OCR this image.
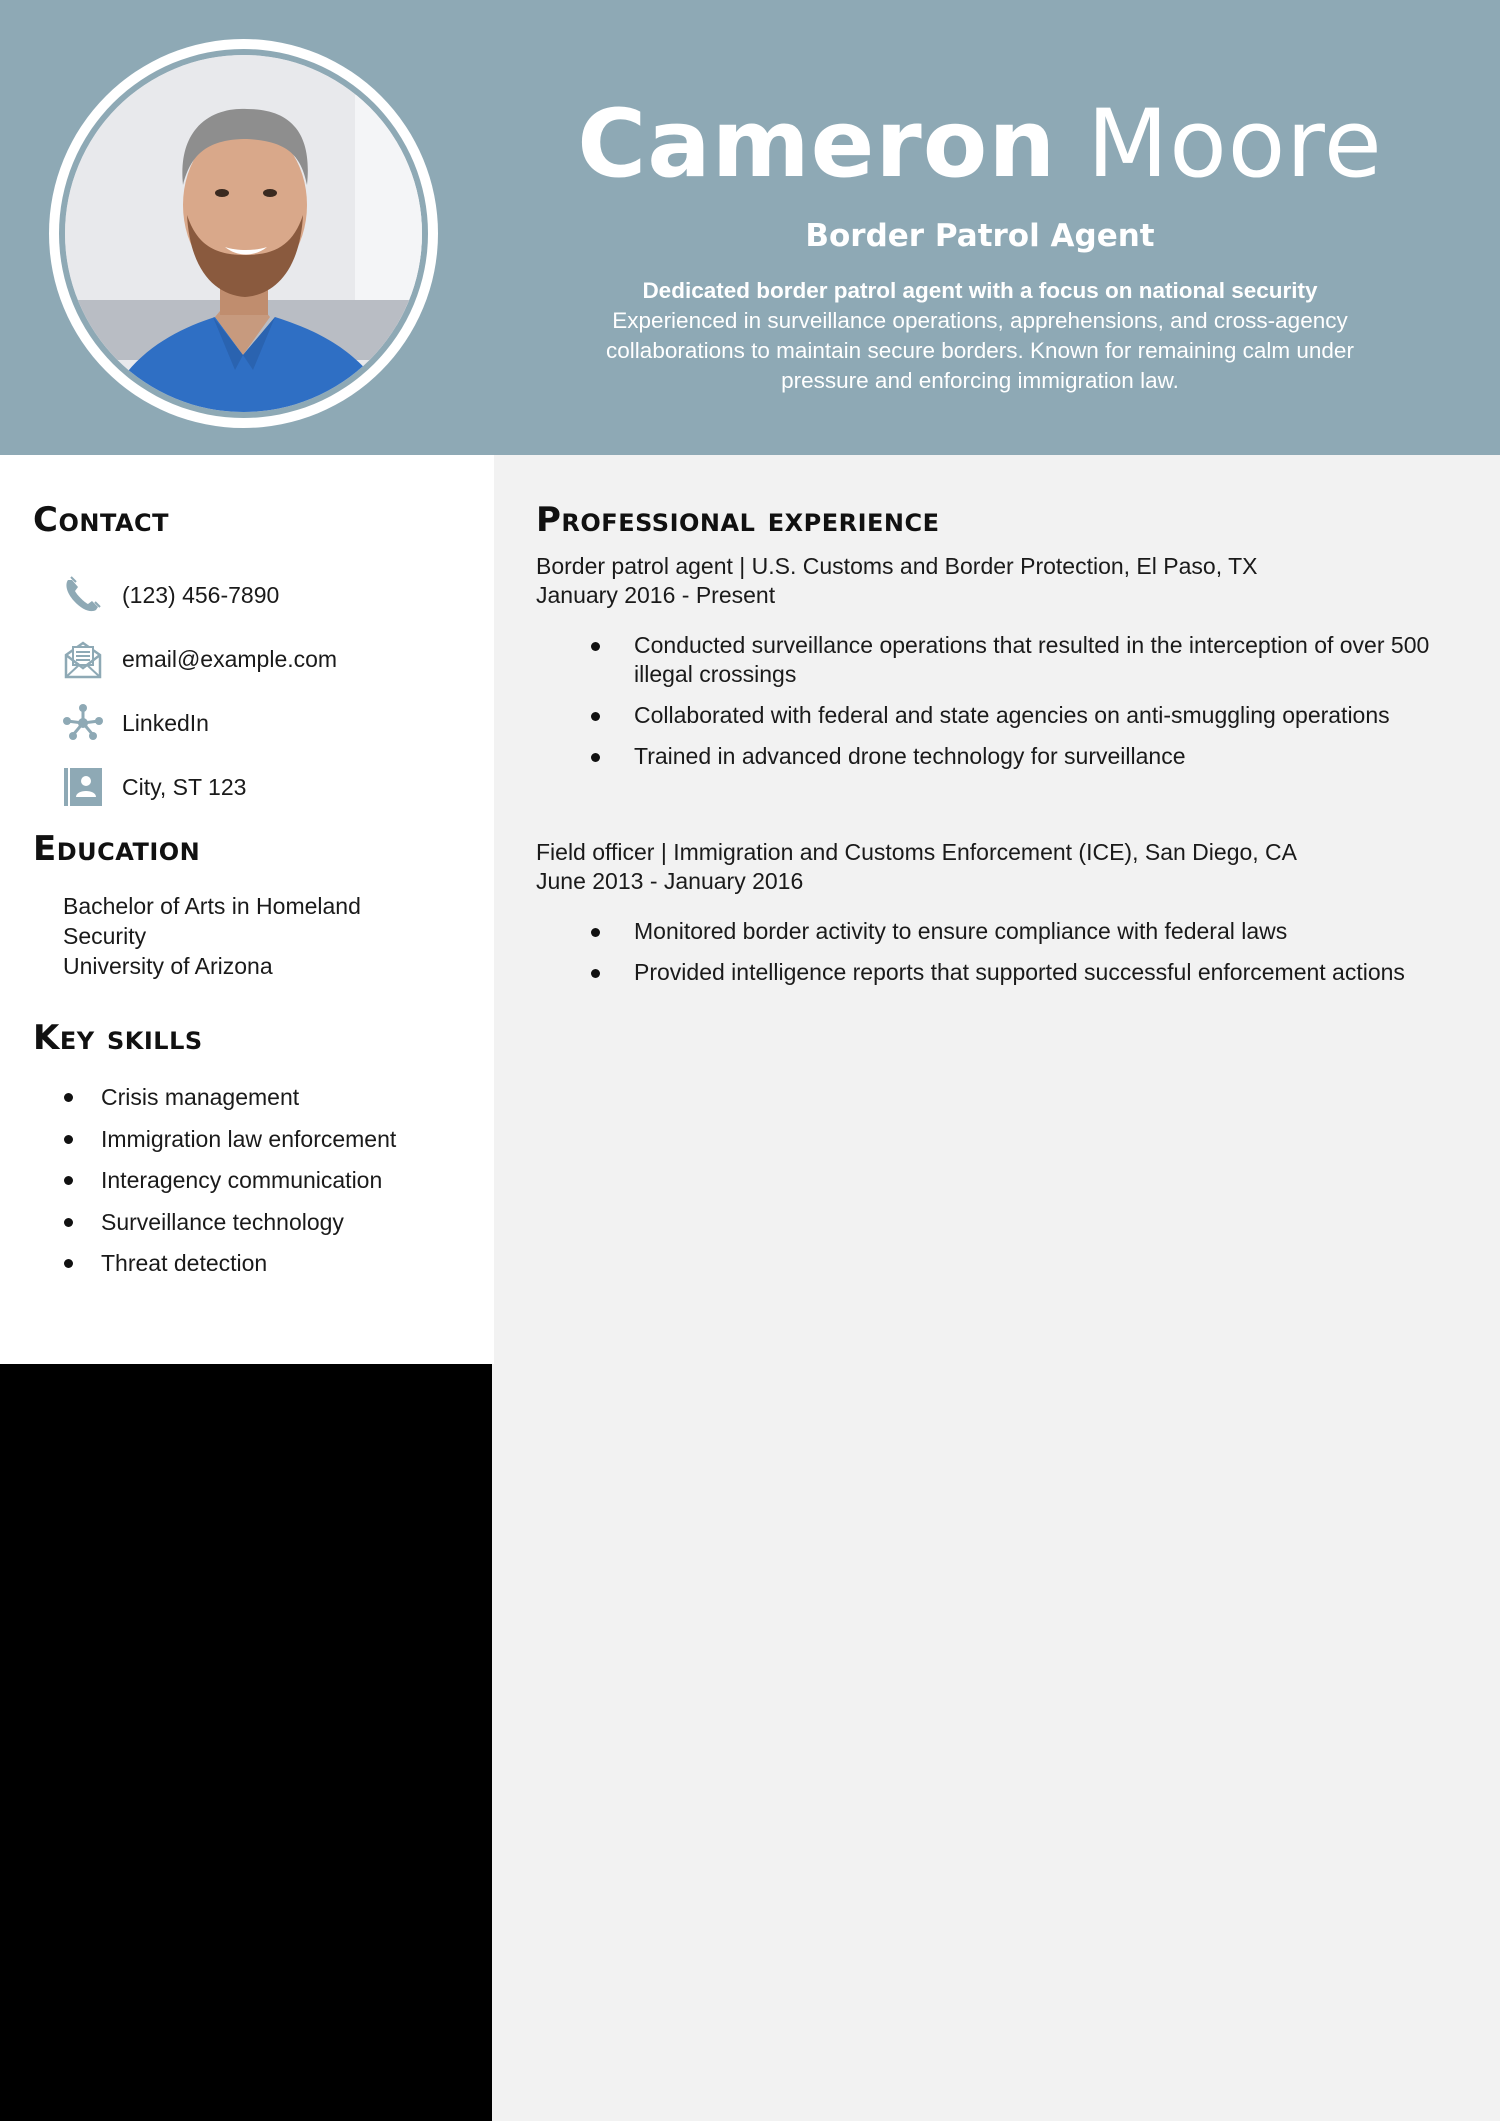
Cameron Moore
Border Patrol Agent
Dedicated border patrol agent with a focus on national security
Experienced in surveillance operations, apprehensions, and cross-agency collaborations to maintain secure borders. Known for remaining calm under pressure and enforcing immigration law.
Contact
(123) 456-7890
email@example.com
LinkedIn
City, ST 123
Education
Bachelor of Arts in Homeland Security
University of Arizona
Key skills
Crisis management
Immigration law enforcement
Interagency communication
Surveillance technology
Threat detection
Professional experience
Border patrol agent | U.S. Customs and Border Protection, El Paso, TX
January 2016 - Present
Conducted surveillance operations that resulted in the interception of over 500 illegal crossings
Collaborated with federal and state agencies on anti-smuggling operations
Trained in advanced drone technology for surveillance
Field officer | Immigration and Customs Enforcement (ICE), San Diego, CA
June 2013 - January 2016
Monitored border activity to ensure compliance with federal laws
Provided intelligence reports that supported successful enforcement actions
